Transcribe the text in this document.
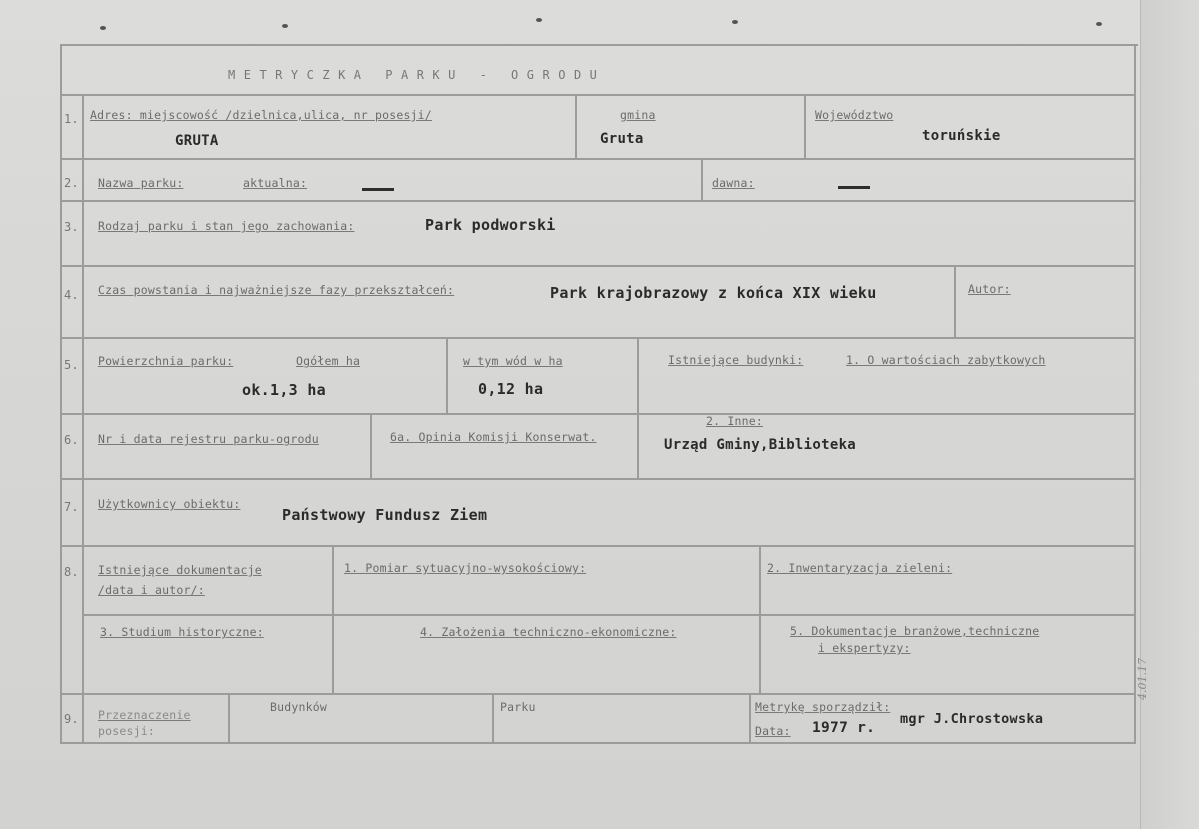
METRYCZKA PARKU - OGRODU
1. Adres: miejscowość /dzielnica,ulica, nr posesji/
GRUTA
gmina
Gruta
Województwo
toruńskie
2. Nazwa parku:	aktualna:	dawna:
3. Rodzaj parku i stan jego zachowania:	Park podworski
4. Czas powstania i najważniejsze fazy przekształceń:	Park krajobrazowy z końca XIX wieku	Autor:
5. Powierzchnia parku:	Ogółem ha
ok.1,3 ha
w tym wód w ha
0,12 ha
Istniejące budynki:	1. O wartościach zabytkowych
6. Nr i data rejestru parku-ogrodu	6a. Opinia Komisji Konserwat.
2. Inne:
Urząd Gminy,Biblioteka
7. Użytkownicy obiektu:
Państwowy Fundusz Ziem
8. Istniejące dokumentacje
/data i autor/:
1. Pomiar sytuacyjno-wysokościowy:	2. Inwentaryzacja zieleni:
3. Studium historyczne:	4. Założenia techniczno-ekonomiczne:	5. Dokumentacje branżowe,techniczne
i ekspertyzy:
9. Przeznaczenie
posesji:
Budynków	Parku	Metrykę sporządził:
Data: 1977 r.
mgr J.Chrostowska
4.01.17
